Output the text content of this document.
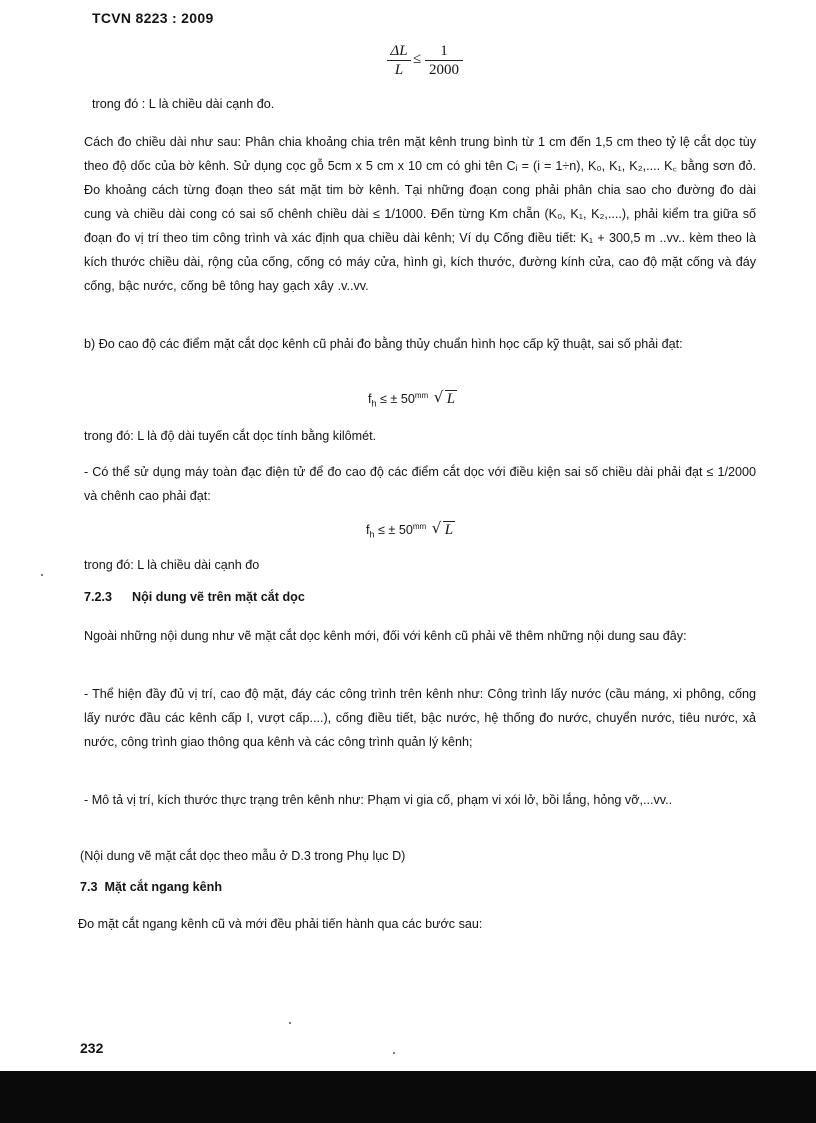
TCVN 8223 : 2009
$\frac{\Delta L}{L} \le \frac{1}{2000}$

trong đó : L là chiều dài cạnh đo.

Cách đo chiều dài như sau: Phân chia khoảng chia trên mặt kênh trung bình từ 1 cm đến 1,5 cm theo tỷ lệ cắt dọc tùy theo độ dốc của bờ kênh. Sử dụng cọc gỗ 5cm x 5 cm x 10 cm có ghi tên Cᵢ = (i = 1÷n), K₀, K₁, K₂,.... K꜀ bằng sơn đỏ. Đo khoảng cách từng đoạn theo sát mặt tim bờ kênh. Tại những đoạn cong phải phân chia sao cho đường đo dài cung và chiều dài cong có sai số chênh chiều dài ≤ 1/1000. Đến từng Km chẵn (K₀, K₁, K₂,....), phải kiểm tra giữa số đoạn đo vị trí theo tim công trình và xác định qua chiều dài kênh; Ví dụ Cống điều tiết: K₁ + 300,5 m ..vv.. kèm theo là kích thước chiều dài, rộng của cống, cống có máy cửa, hình gì, kích thước, đường kính cửa, cao độ mặt cống và đáy cống, bậc nước, cống bê tông hay gạch xây .v..vv.

b) Đo cao độ các điểm mặt cắt dọc kênh cũ phải đo bằng thủy chuẩn hình học cấp kỹ thuật, sai số phải đạt:

$f_h$ ≤ ± $50^{mm}$ √ L

trong đó: L là độ dài tuyến cắt dọc tính bằng kilômét.

- Có thể sử dụng máy toàn đạc điện tử để đo cao độ các điểm cắt dọc với điều kiện sai số chiều dài phải đạt ≤ 1/2000 và chênh cao phải đạt:

$f_h$ ≤ ± $50^{mm}$ √ L

trong đó: L là chiều dài cạnh đo

7.2.3 Nội dung vẽ trên mặt cắt dọc

Ngoài những nội dung như vẽ mặt cắt dọc kênh mới, đối với kênh cũ phải vẽ thêm những nội dung sau đây:

- Thể hiện đầy đủ vị trí, cao độ mặt, đáy các công trình trên kênh như: Công trình lấy nước (cầu máng, xi phông, cống lấy nước đầu các kênh cấp I, vượt cấp....), cống điều tiết, bậc nước, hệ thống đo nước, chuyển nước, tiêu nước, xả nước, công trình giao thông qua kênh và các công trình quản lý kênh;

- Mô tả vị trí, kích thước thực trạng trên kênh như: Phạm vi gia cố, phạm vi xói lở, bồi lắng, hỏng vỡ,...vv..

(Nội dung vẽ mặt cắt dọc theo mẫu ở D.3 trong Phụ lục D)

7.3 Mặt cắt ngang kênh

Đo mặt cắt ngang kênh cũ và mới đều phải tiến hành qua các bước sau:

232
